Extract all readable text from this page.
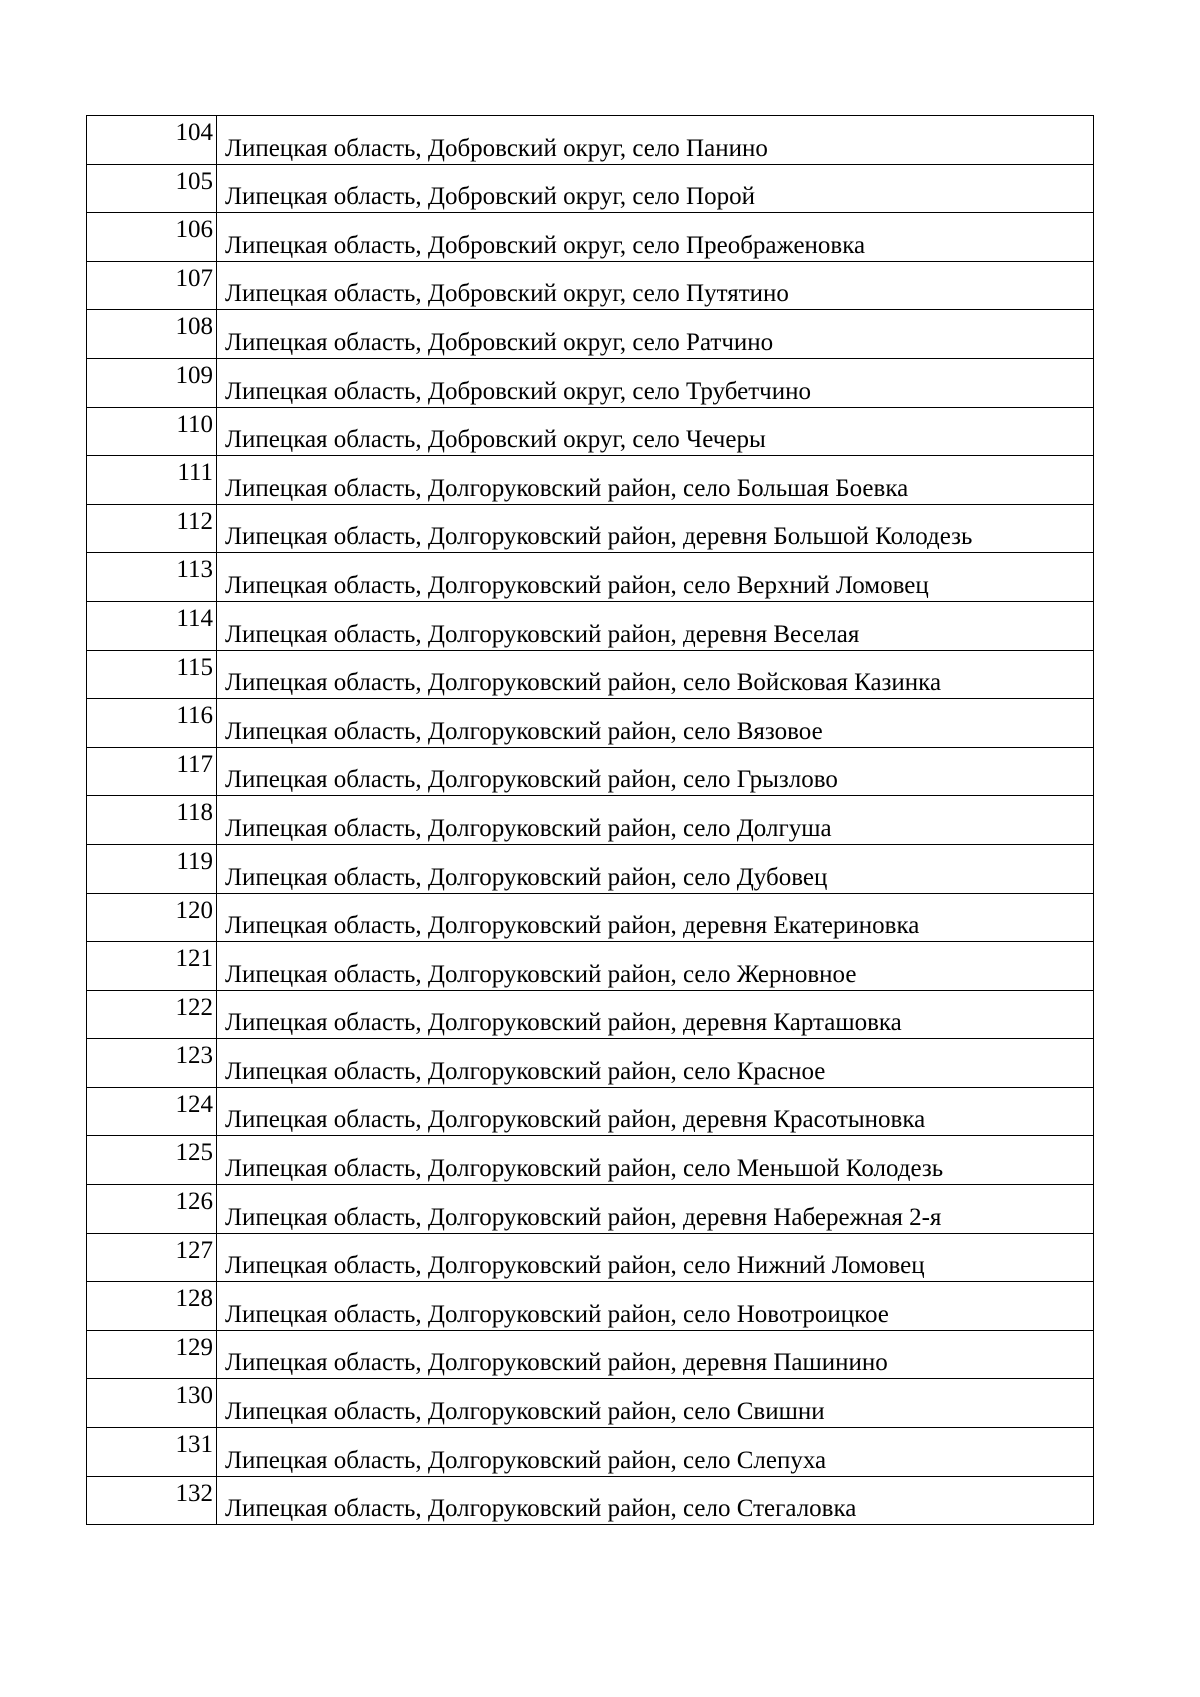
104	Липецкая область, Добровский округ, село Панино
105	Липецкая область, Добровский округ, село Порой
106	Липецкая область, Добровский округ, село Преображеновка
107	Липецкая область, Добровский округ, село Путятино
108	Липецкая область, Добровский округ, село Ратчино
109	Липецкая область, Добровский округ, село Трубетчино
110	Липецкая область, Добровский округ, село Чечеры
111	Липецкая область, Долгоруковский район, село Большая Боевка
112	Липецкая область, Долгоруковский район, деревня Большой Колодезь
113	Липецкая область, Долгоруковский район, село Верхний Ломовец
114	Липецкая область, Долгоруковский район, деревня Веселая
115	Липецкая область, Долгоруковский район, село Войсковая Казинка
116	Липецкая область, Долгоруковский район, село Вязовое
117	Липецкая область, Долгоруковский район, село Грызлово
118	Липецкая область, Долгоруковский район, село Долгуша
119	Липецкая область, Долгоруковский район, село Дубовец
120	Липецкая область, Долгоруковский район, деревня Екатериновка
121	Липецкая область, Долгоруковский район, село Жерновное
122	Липецкая область, Долгоруковский район, деревня Карташовка
123	Липецкая область, Долгоруковский район, село Красное
124	Липецкая область, Долгоруковский район, деревня Красотыновка
125	Липецкая область, Долгоруковский район, село Меньшой Колодезь
126	Липецкая область, Долгоруковский район, деревня Набережная 2-я
127	Липецкая область, Долгоруковский район, село Нижний Ломовец
128	Липецкая область, Долгоруковский район, село Новотроицкое
129	Липецкая область, Долгоруковский район, деревня Пашинино
130	Липецкая область, Долгоруковский район, село Свишни
131	Липецкая область, Долгоруковский район, село Слепуха
132	Липецкая область, Долгоруковский район, село Стегаловка
